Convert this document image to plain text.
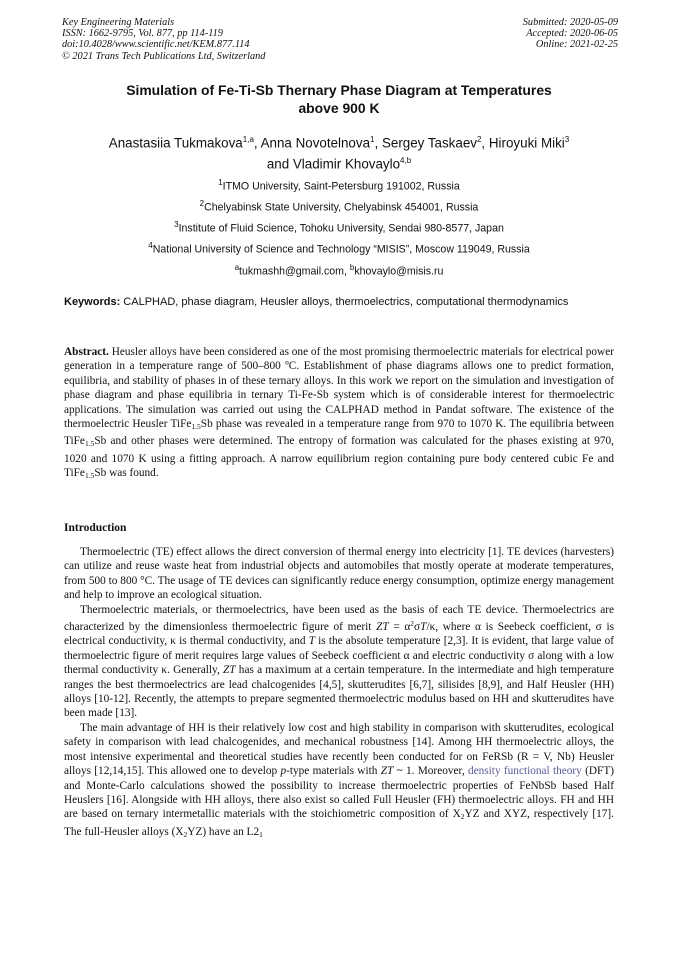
Key Engineering Materials
ISSN: 1662-9795, Vol. 877, pp 114-119
doi:10.4028/www.scientific.net/KEM.877.114
© 2021 Trans Tech Publications Ltd, Switzerland
Submitted: 2020-05-09
Accepted: 2020-06-05
Online: 2021-02-25
Simulation of Fe-Ti-Sb Thernary Phase Diagram at Temperatures
above 900 K
Anastasiia Tukmakova$^{1,a}$, Anna Novotelnova$^1$, Sergey Taskaev$^2$, Hiroyuki Miki$^3$
and Vladimir Khovaylo$^{4,b}$
$^1$ITMO University, Saint-Petersburg 191002, Russia
$^2$Chelyabinsk State University, Chelyabinsk 454001, Russia
$^3$Institute of Fluid Science, Tohoku University, Sendai 980-8577, Japan
$^4$National University of Science and Technology “MISIS”, Moscow 119049, Russia
$^a$tukmashh@gmail.com, $^b$khovaylo@misis.ru
Keywords: CALPHAD, phase diagram, Heusler alloys, thermoelectrics, computational thermodynamics
Abstract. Heusler alloys have been considered as one of the most promising thermoelectric materials for electrical power generation in a temperature range of 500–800 ºC. Establishment of phase diagrams allows one to predict formation, equilibria, and stability of phases in of these ternary alloys. In this work we report on the simulation and investigation of phase diagram and phase equilibria in ternary Ti-Fe-Sb system which is of considerable interest for thermoelectric applications. The simulation was carried out using the CALPHAD method in Pandat software. The existence of the thermoelectric Heusler TiFe$_{1.5}$Sb phase was revealed in a temperature range from 970 to 1070 K. The equilibria between TiFe$_{1.5}$Sb and other phases were determined. The entropy of formation was calculated for the phases existing at 970, 1020 and 1070 K using a fitting approach. A narrow equilibrium region containing pure body centered cubic Fe and TiFe$_{1.5}$Sb was found.
Introduction

Thermoelectric (TE) effect allows the direct conversion of thermal energy into electricity [1]. TE devices (harvesters) can utilize and reuse waste heat from industrial objects and automobiles that mostly operate at moderate temperatures, from 500 to 800 °C. The usage of TE devices can significantly reduce energy consumption, optimize energy management and help to improve an ecological situation.

Thermoelectric materials, or thermoelectrics, have been used as the basis of each TE device. Thermoelectrics are characterized by the dimensionless thermoelectric figure of merit ZT = $\alpha^2\sigma T/\kappa$, where α is Seebeck coefficient, σ is electrical conductivity, κ is thermal conductivity, and T is the absolute temperature [2,3]. It is evident, that large value of thermoelectric figure of merit requires large values of Seebeck coefficient α and electric conductivity σ along with a low thermal conductivity κ. Generally, ZT has a maximum at a certain temperature. In the intermediate and high temperature ranges the best thermoelectrics are lead chalcogenides [4,5], skutterudites [6,7], silisides [8,9], and Half Heusler (HH) alloys [10-12]. Recently, the attempts to prepare segmented thermoelectric modulus based on HH and skutterudites have been made [13].

The main advantage of HH is their relatively low cost and high stability in comparison with skutterudites, ecological safety in comparison with lead chalcogenides, and mechanical robustness [14]. Among HH thermoelectric alloys, the most intensive experimental and theoretical studies have recently been conducted for on FeRSb (R = V, Nb) Heusler alloys [12,14,15]. This allowed one to develop p-type materials with ZT ~ 1. Moreover, density functional theory (DFT) and Monte-Carlo calculations showed the possibility to increase thermoelectric properties of FeNbSb based Half Heuslers [16]. Alongside with HH alloys, there also exist so called Full Heusler (FH) thermoelectric alloys. FH and HH are based on ternary intermetallic materials with the stoichiometric composition of $X_2YZ$ and XYZ, respectively [17]. The full-Heusler alloys $(X_2YZ)$ have an $L2_1$
